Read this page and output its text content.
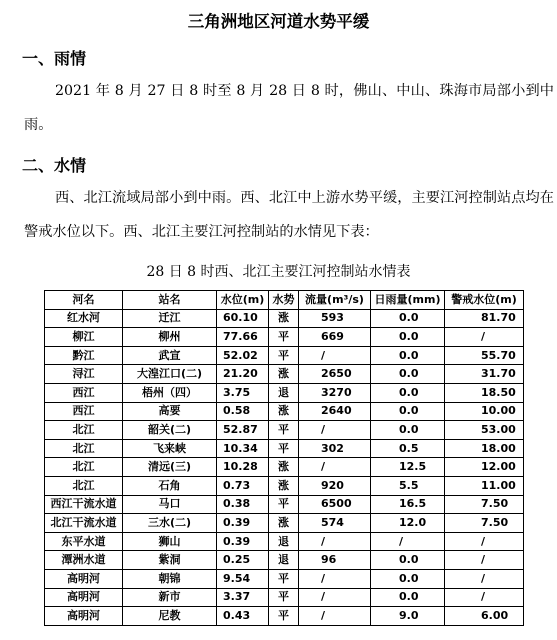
三角洲地区河道水势平缓
一、雨情

2021 年 8 月 27 日 8 时至 8 月 28 日 8 时，佛山、中山、珠海市局部小到中雨。

二、水情

西、北江流域局部小到中雨。西、北江中上游水势平缓，主要江河控制站点均在警戒水位以下。西、北江主要江河控制站的水情见下表：

28 日 8 时西、北江主要江河控制站水情表
河名	站名	水位(m)	水势	流量(m³/s)	日雨量(mm)	警戒水位(m)
红水河	迁江	60.10	涨	593	0.0	81.70
柳江	柳州	77.66	平	669	0.0	/
黔江	武宣	52.02	平	/	0.0	55.70
浔江	大湟江口(二)	21.20	涨	2650	0.0	31.70
西江	梧州（四）	3.75	退	3270	0.0	18.50
西江	高要	0.58	涨	2640	0.0	10.00
北江	韶关(二)	52.87	平	/	0.0	53.00
北江	飞来峡	10.34	平	302	0.5	18.00
北江	清远(三)	10.28	涨	/	12.5	12.00
北江	石角	0.73	涨	920	5.5	11.00
西江干流水道	马口	0.38	平	6500	16.5	7.50
北江干流水道	三水(二)	0.39	涨	574	12.0	7.50
东平水道	狮山	0.39	退	/	/	/
潭洲水道	紫洞	0.25	退	96	0.0	/
高明河	朝锦	9.54	平	/	0.0	/
高明河	新市	3.37	平	/	0.0	/
高明河	尼教	0.43	平	/	9.0	6.00
